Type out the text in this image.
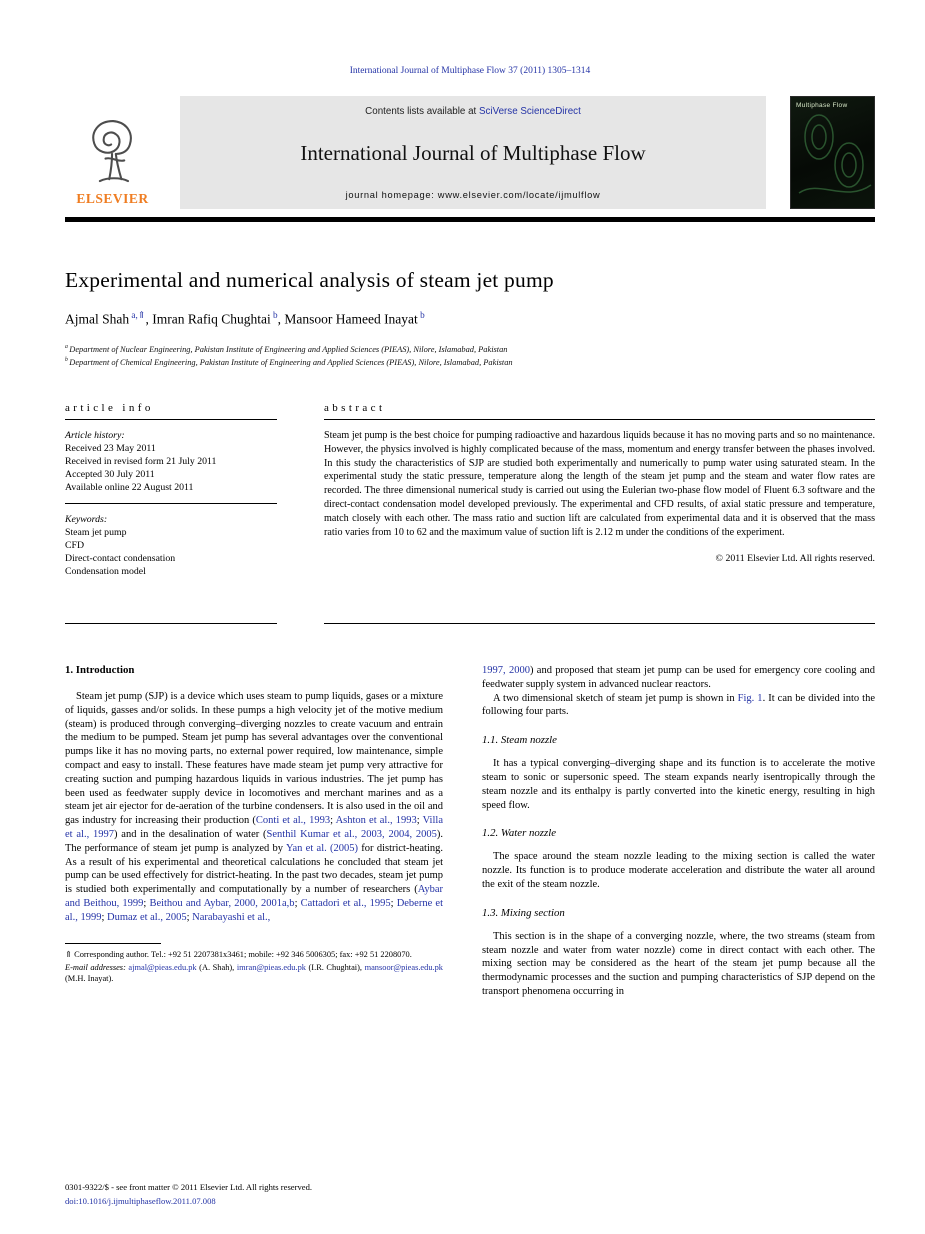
International Journal of Multiphase Flow 37 (2011) 1305–1314
ELSEVIER
Contents lists available at SciVerse ScienceDirect
International Journal of Multiphase Flow
journal homepage: www.elsevier.com/locate/ijmulflow
Multiphase Flow
Experimental and numerical analysis of steam jet pump
Ajmal Shah $^{a,⇑}$, Imran Rafiq Chughtai $^b$, Mansoor Hameed Inayat $^b$
$^a$ Department of Nuclear Engineering, Pakistan Institute of Engineering and Applied Sciences (PIEAS), Nilore, Islamabad, Pakistan
$^b$ Department of Chemical Engineering, Pakistan Institute of Engineering and Applied Sciences (PIEAS), Nilore, Islamabad, Pakistan
article info
Article history:
Received 23 May 2011
Received in revised form 21 July 2011
Accepted 30 July 2011
Available online 22 August 2011
Keywords:
Steam jet pump
CFD
Direct-contact condensation
Condensation model
abstract

Steam jet pump is the best choice for pumping radioactive and hazardous liquids because it has no moving parts and so no maintenance. However, the physics involved is highly complicated because of the mass, momentum and energy transfer between the phases involved. In this study the characteristics of SJP are studied both experimentally and numerically to pump water using saturated steam. In the experimental study the static pressure, temperature along the length of the steam jet pump and the steam and water flow rates are recorded. The three dimensional numerical study is carried out using the Eulerian two-phase flow model of Fluent 6.3 software and the direct-contact condensation model developed previously. The experimental and CFD results, of axial static pressure and temperature, match closely with each other. The mass ratio and suction lift are calculated from experimental data and it is observed that the mass ratio varies from 10 to 62 and the maximum value of suction lift is 2.12 m under the conditions of the experiment.

© 2011 Elsevier Ltd. All rights reserved.
1. Introduction

Steam jet pump (SJP) is a device which uses steam to pump liquids, gases or a mixture of liquids, gasses and/or solids. In these pumps a high velocity jet of the motive medium (steam) is produced through converging–diverging nozzles to create vacuum and entrain the medium to be pumped. Steam jet pump has several advantages over the conventional pumps like it has no moving parts, no external power required, low maintenance, simple compact and easy to install. These features have made steam jet pump very attractive for creating suction and pumping hazardous liquids in various industries. The jet pump has been used as feedwater supply device in locomotives and merchant marines and as a steam jet air ejector for de-aeration of the turbine condensers. It is also used in the oil and gas industry for increasing their production (Conti et al., 1993; Ashton et al., 1993; Villa et al., 1997) and in the desalination of water (Senthil Kumar et al., 2003, 2004, 2005). The performance of steam jet pump is analyzed by Yan et al. (2005) for district-heating. As a result of his experimental and theoretical calculations he concluded that steam jet pump can be used effectively for district-heating. In the past two decades, steam jet pump is studied both experimentally and computationally by a number of researchers (Aybar and Beithou, 1999; Beithou and Aybar, 2000, 2001a,b; Cattadori et al., 1995; Deberne et al., 1999; Dumaz et al., 2005; Narabayashi et al.,

⇑ Corresponding author. Tel.: +92 51 2207381x3461; mobile: +92 346 5006305; fax: +92 51 2208070.

E-mail addresses: ajmal@pieas.edu.pk (A. Shah), imran@pieas.edu.pk (I.R. Chughtai), mansoor@pieas.edu.pk (M.H. Inayat).

1997, 2000) and proposed that steam jet pump can be used for emergency core cooling and feedwater supply system in advanced nuclear reactors.

A two dimensional sketch of steam jet pump is shown in Fig. 1. It can be divided into the following four parts.

1.1. Steam nozzle

It has a typical converging–diverging shape and its function is to accelerate the motive steam to sonic or supersonic speed. The steam expands nearly isentropically through the steam nozzle and its enthalpy is partly converted into the kinetic energy, resulting in high speed flow.

1.2. Water nozzle

The space around the steam nozzle leading to the mixing section is called the water nozzle. Its function is to produce moderate acceleration and distribute the water all around the exit of the steam nozzle.

1.3. Mixing section

This section is in the shape of a converging nozzle, where, the two streams (steam from steam nozzle and water from water nozzle) come in direct contact with each other. The mixing section may be considered as the heart of the steam jet pump because all the thermodynamic processes and the suction and pumping characteristics of SJP depend on the transport phenomena occurring in

0301-9322/$ - see front matter © 2011 Elsevier Ltd. All rights reserved.
doi:10.1016/j.ijmultiphaseflow.2011.07.008
